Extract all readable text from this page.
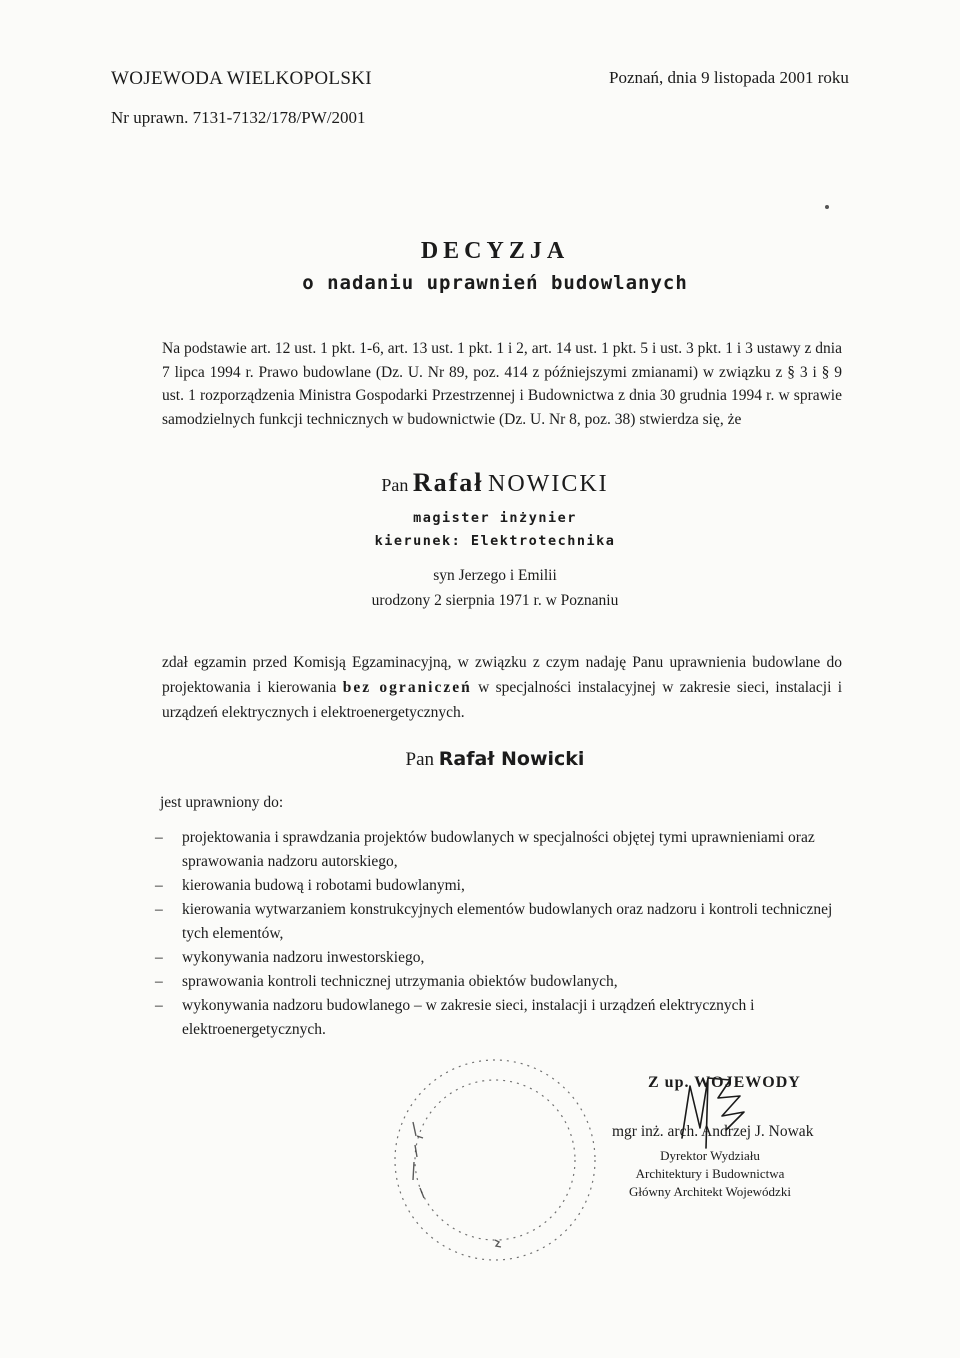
WOJEWODA WIELKOPOLSKI	Poznań, dnia 9 listopada 2001 roku
Nr uprawn. 7131-7132/178/PW/2001
DECYZJA
o nadaniu uprawnień budowlanych
Na podstawie art. 12 ust. 1 pkt. 1-6, art. 13 ust. 1 pkt. 1 i 2, art. 14 ust. 1 pkt. 5 i ust. 3 pkt. 1 i 3 ustawy z dnia 7 lipca 1994 r. Prawo budowlane (Dz. U. Nr 89, poz. 414 z późniejszymi zmianami) w związku z § 3 i § 9 ust. 1 rozporządzenia Ministra Gospodarki Przestrzennej i Budownictwa z dnia 30 grudnia 1994 r. w sprawie samodzielnych funkcji technicznych w budownictwie (Dz. U. Nr 8, poz. 38) stwierdza się, że
Pan Rafał NOWICKI
magister inżynier
kierunek: Elektrotechnika
syn Jerzego i Emilii
urodzony 2 sierpnia 1971 r. w Poznaniu
zdał egzamin przed Komisją Egzaminacyjną, w związku z czym nadaję Panu uprawnienia budowlane do projektowania i kierowania bez ograniczeń w specjalności instalacyjnej w zakresie sieci, instalacji i urządzeń elektrycznych i elektroenergetycznych.
Pan Rafał Nowicki
jest uprawniony do:
– projektowania i sprawdzania projektów budowlanych w specjalności objętej tymi uprawnieniami oraz sprawowania nadzoru autorskiego,
– kierowania budową i robotami budowlanymi,
– kierowania wytwarzaniem konstrukcyjnych elementów budowlanych oraz nadzoru i kontroli technicznej tych elementów,
– wykonywania nadzoru inwestorskiego,
– sprawowania kontroli technicznej utrzymania obiektów budowlanych,
– wykonywania nadzoru budowlanego – w zakresie sieci, instalacji i urządzeń elektrycznych i elektroenergetycznych.
Z up. WOJEWODY
mgr inż. arch. Andrzej J. Nowak
Dyrektor Wydziału
Architektury i Budownictwa
Główny Architekt Wojewódzki
